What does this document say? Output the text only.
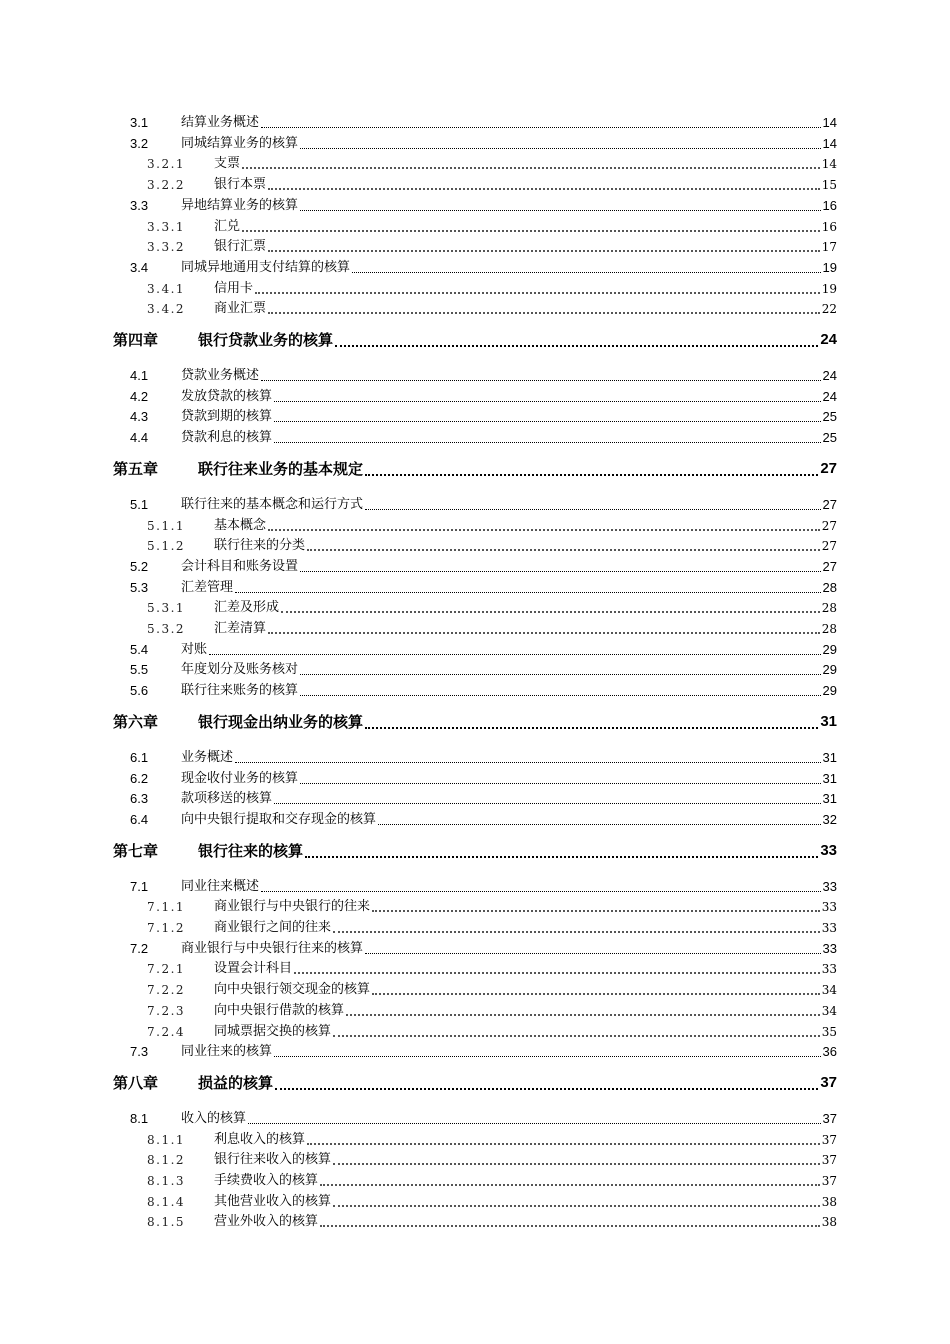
3.1	结算业务概述	14
3.2	同城结算业务的核算	14
3.2.1 支票	14
3.2.2 银行本票	15
3.3	异地结算业务的核算	16
3.3.1 汇兑	16
3.3.2 银行汇票	17
3.4	同城异地通用支付结算的核算	19
3.4.1 信用卡	19
3.4.2 商业汇票	22
第四章	银行贷款业务的核算	24
4.1	贷款业务概述	24
4.2	发放贷款的核算	24
4.3	贷款到期的核算	25
4.4	贷款利息的核算	25
第五章	联行往来业务的基本规定	27
5.1	联行往来的基本概念和运行方式	27
5.1.1 基本概念	27
5.1.2 联行往来的分类	27
5.2	会计科目和账务设置	27
5.3	汇差管理	28
5.3.1 汇差及形成	28
5.3.2 汇差清算	28
5.4	对账	29
5.5	年度划分及账务核对	29
5.6	联行往来账务的核算	29
第六章	银行现金出纳业务的核算	31
6.1	业务概述	31
6.2	现金收付业务的核算	31
6.3	款项移送的核算	31
6.4	向中央银行提取和交存现金的核算	32
第七章	银行往来的核算	33
7.1	同业往来概述	33
7.1.1 商业银行与中央银行的往来	33
7.1.2 商业银行之间的往来	33
7.2	商业银行与中央银行往来的核算	33
7.2.1 设置会计科目	33
7.2.2 向中央银行领交现金的核算	34
7.2.3 向中央银行借款的核算	34
7.2.4 同城票据交换的核算	35
7.3	同业往来的核算	36
第八章	损益的核算	37
8.1	收入的核算	37
8.1.1 利息收入的核算	37
8.1.2 银行往来收入的核算	37
8.1.3 手续费收入的核算	37
8.1.4 其他营业收入的核算	38
8.1.5 营业外收入的核算	38
